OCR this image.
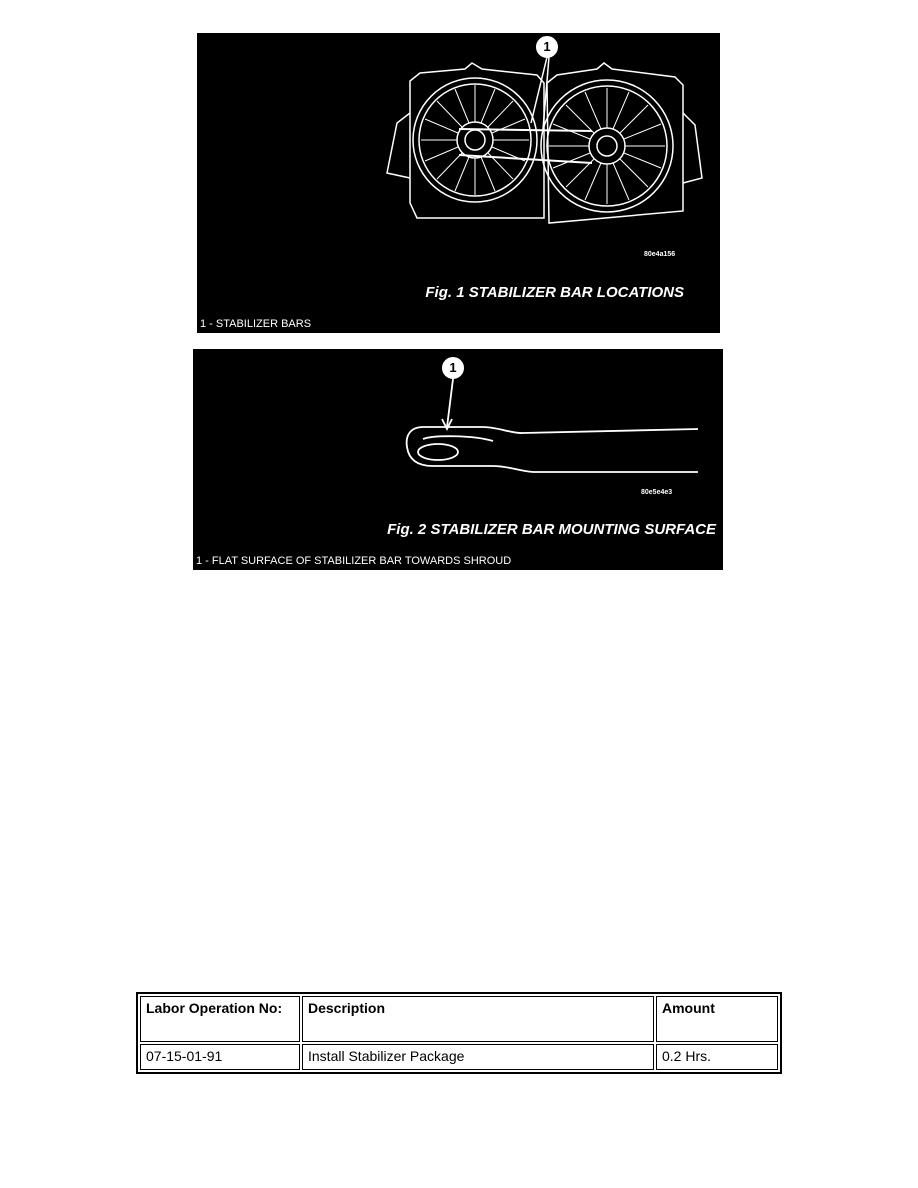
1
80e4a156
Fig. 1 STABILIZER BAR LOCATIONS
1 - STABILIZER BARS
1
80e5e4e3
Fig. 2 STABILIZER BAR MOUNTING SURFACE
1 - FLAT SURFACE OF STABILIZER BAR TOWARDS SHROUD
Labor Operation No:	Description	Amount
07-15-01-91	Install Stabilizer Package	0.2 Hrs.
